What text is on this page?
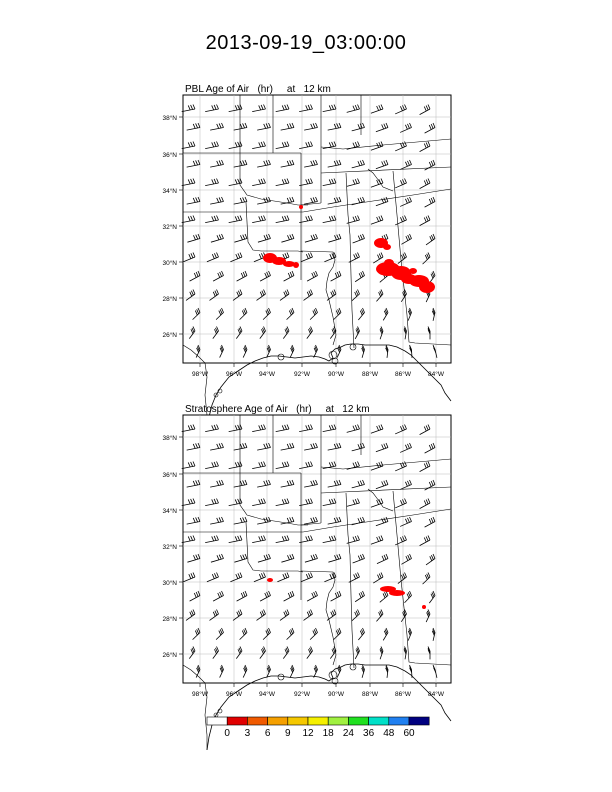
2013-09-19_03:00:00

PBL Age of Air   (hr)     at   12 km

Stratosphere Age of Air   (hr)     at   12 km

38°N
36°N
34°N
32°N
30°N
28°N
26°N
98°W	96°W	94°W	92°W	90°W	88°W	86°W	84°W
38°N
36°N
34°N
32°N
30°N
28°N
26°N
98°W	96°W	94°W	92°W	90°W	88°W	86°W	84°W
0 3 6 9 12 18 24 36 48 60
